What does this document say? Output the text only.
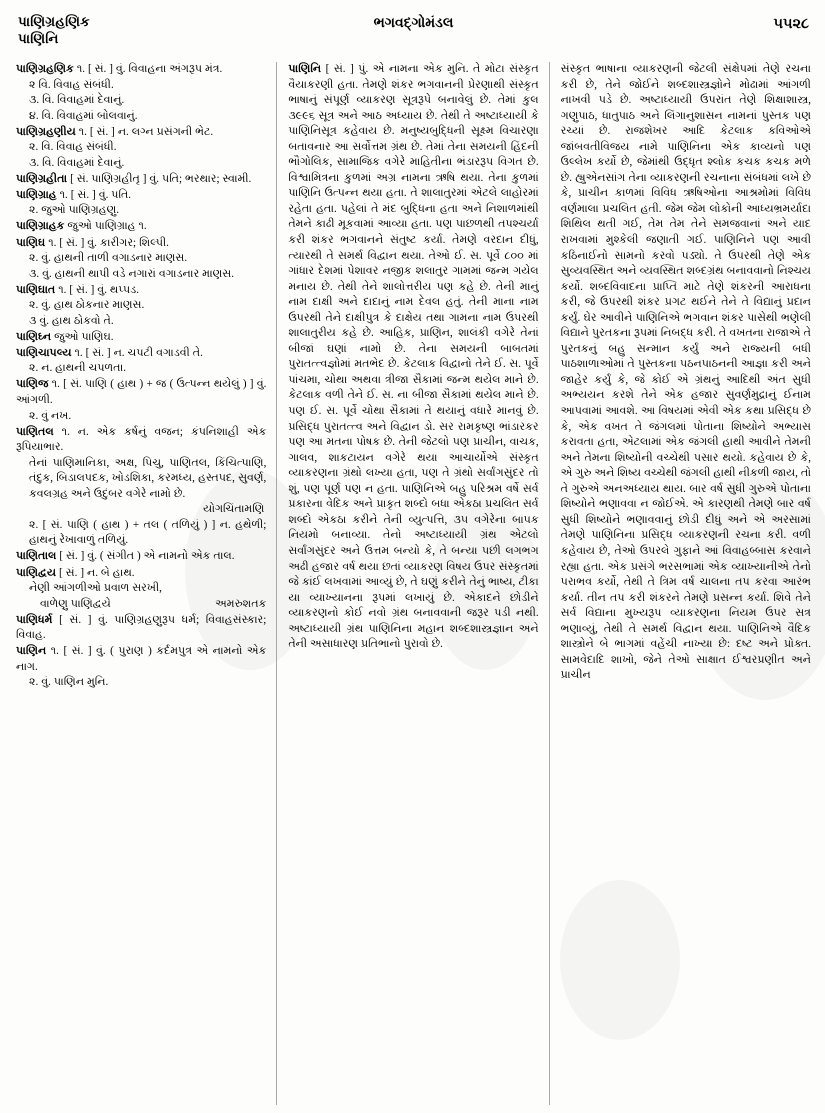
પાણિગ્રહણિક
પાણિનિ
ભગવદ્ગોમંડલ	૫૫૨૮

પાણિગ્રહણિક ૧. [ સં. ] વું. વિવાહના અંગરૂપ મંત્ર.

૨ વિ. વિવાહ સંબંધી.

૩. વિ. વિવાહમાં દેવાનું.

૪. વિ. વિવાહમાં બોલવાનું.

પાણિગ્રહણીય ૧. [ સં. ] ન. લગ્ન પ્રસંગની ભેટ.

૨. વિ. વિવાહ સંબંધી.

૩. વિ. વિવાહમાં દેવાનું.

પાણિગ્રહીતા [ સં. પાણિગ્રહીતૃ ] વું. પતિ; ભરથાર; સ્વામી.

પાણિગ્રાહ ૧. [ સં. ] વું. પતિ.

૨. જુઓ પાણિગ્રહણુ.

પાણિગ્રાહક જુઓ પાણિગ્રાહ ૧.

પાણિઘ ૧. [ સં. ] વું. કારીગર; શિલ્પી.

૨. વું. હાથની તાળી વગાડનાર માણસ.

૩. વું. હાથની થાપી વડે નગારાં વગાડનાર માણસ.

પાણિઘાત ૧. [ સં. ] વું. થપ્પડ.

૨. વું. હાથ ઠોકનાર માણસ.

૩ વું. હાથ ઠોકવો તે.

પાણિઘ્ન જુઓ પાણિઘ.

પાણિચાપલ્ય ૧. [ સં. ] ન. ચપટી વગાડવી તે.

૨. ન. હાથની ચપળતા.

પાણિજ ૧. [ સં. પાણિ ( હાથ ) + જ ( ઉત્પન્ન થયેલું ) ] વું. આંગળી.

૨. વું નખ.

પાણિતલ ૧. ન. એક કર્ષનું વજન; કંપનિશાહી એક રૂપિયાભાર.

તેનાં પાણિમાનિકા, અક્ષ, પિચુ, પાણિતલ, કિંચિત્પાણિ, તંદુક, બિડાલપદક, ખોડશિકા, કરમધ્ય, હસ્તપદ, સુવર્ણ, કવલગ્રહ અને ઉદુંબર વગેરે નામો છે.

યોગચિંતામણિ

૨. [ સં. પાણિ ( હાથ ) + તલ ( તળિયું ) ] ન. હથેળી; હાથનું રેખાવાળું તળિયું.

પાણિતાલ [ સં. ] વું. ( સંગીત ) એ નામનો એક તાલ.

પાણિદ્વય [ સં. ] ન. બે હાથ.

નેણી આંગળીઓ પ્રવાળ સરખી,

વાળેણુ પાણિદ્વયે	અમરુશતક

પાણિધર્મ [ સં. ] વું. પાણિગ્રહણુરૂપ ધર્મ; વિવાહસંસ્કાર; વિવાહ.

પાણિન ૧. [ સં. ] વું. ( પુરાણ ) કર્દમપુત્ર એ નામનો એક નાગ.

૨. વું. પાણિન મુનિ.

પાણિનિ [ સં. ] પું. એ નામના એક મુનિ. તે મોટા સંસ્કૃત વૈયાકરણી હતા. તેમણે શંકર ભગવાનની પ્રેરણાથી સંસ્કૃત ભાષાનું સંપૂર્ણ વ્યાકરણ સૂત્રરૂપે બનાવેલું છે. તેમાં કુલ ૩૯૯૬ સૂત્ર અને આઠ અધ્યાય છે. તેથી તે અષ્ટાધ્યાયી કે પાણિનિસૂત્ર કહેવાય છે. મનુષ્યબુદ્ધિની સૂક્ષ્મ વિચારણા બતાવનાર આ સર્વોત્તમ ગ્રંથ છે. તેમાં તેના સમયની હિંદની ભૌગોલિક, સામાજિક વગેરે માહિતીના ભંડારરૂપ વિગત છે. વિશ્વામિત્રના કુળમાં અગ્ર નામના ઋષિ થયા. તેના કુળમાં પાણિનિ ઉત્પન્ન થયા હતા. તે શાલાતુરમાં એટલે લાહોરમાં રહેતા હતા. પહેલાં તે મંદ બુદ્ધિના હતા અને નિશાળમાંથી તેમને કાઢી મૂકવામાં આવ્યા હતા. પણ પાછળથી તપશ્ચર્યા કરી શંકર ભગવાનને સંતુષ્ટ કર્યા. તેમણે વરદાન દીધું, ત્યારથી તે સમર્થ વિદ્વાન થયા. તેઓ ઈ. સ. પૂર્વે ૮૦૦ માં ગાંધાર દેશમાં પેશાવર નજીક શલાતુર ગામમાં જન્મ ગયેલ મનાય છે. તેથી તેને શાલોત્તરીય પણ કહે છે. તેની માનું નામ દાક્ષી અને દાદાનું નામ દેવલ હતું. તેની માના નામ ઉપરથી તેને દાક્ષીપુત્ર કે દાક્ષેય તથા ગામના નામ ઉપરથી શાલાતુરીય કહે છે. આહિક, પ્રાણિન, શાલંકી વગેરે તેનાં બીજાં ઘણાં નામો છે. તેના સમયની બાબતમાં પુરાતત્ત્વજ્ઞોમાં મતભેદ છે. કેટલાક વિદ્વાનો તેને ઈ. સ. પૂર્વે પાંચમા, ચોથા અથવા ત્રીજા સૈકામાં જન્મ થયેલ માને છે. કેટલાક વળી તેને ઈ. સ. ના બીજા સૈકામાં થયેલ માને છે. પણ ઈ. સ. પૂર્વે ચોથા સૈકામાં તે થયાનું વધારે માનવું છે. પ્રસિદ્ધ પુરાતત્ત્વ અને વિદ્વાન ડો. સર રામકૃષ્ણ ભાંડારકર પણ આ મતના પોષક છે. તેની જેટલો પણ પ્રાચીન, વાચક, ગાલવ, શાકટાયન વગેરે થયા આચાર્યોએ સંસ્કૃત વ્યાકરણના ગ્રંથો લખ્યા હતા, પણ તે ગ્રંથો સર્વાંગસુંદર તો શું, પણ પૂર્ણ પણ ન હતા. પાણિનિએ બહુ પરિશ્રમ વર્ષે સર્વ પ્રકારના વેદિક અને પ્રાકૃત શબ્દો બધા એકઠા પ્રચલિત સર્વ શબ્દો એકઠા કરીને તેની વ્યુત્પત્તિ, ૩૫ વગેરેના બાપક નિયમો બનાવ્યા. તેનો અષ્ટાધ્યાયી ગ્રંથ એટલો સર્વાંગસુંદર અને ઉત્તમ બન્યો કે, તે બન્યા પછી લગભગ અઢી હજાર વર્ષ થયા છતાં વ્યાકરણ વિષય ઉપર સંસ્કૃતમાં જે કાંઈ લખવામાં આવ્યું છે, તે ઘણું કરીને તેનું ભાષ્ય, ટીકા યા વ્યાખ્યાનના રૂપમાં લખાયું છે. એકાદને છોડીને વ્યાકરણનો કોઈ નવો ગ્રંથ બનાવવાની જરૂર પડી નથી. અષ્ટાધ્યાયી ગ્રંથ પાણિનિના મહાન શબ્દશાસ્ત્રજ્ઞાન અને તેની અસાધારણ પ્રતિભાનો પુરાવો છે.

સંસ્કૃત ભાષાના વ્યાકરણની જેટલી સંક્ષેપમાં તેણે રચના કરી છે, તેને જોઈને શબ્દશાસ્ત્રજ્ઞોને મોઢામાં આંગળી નાખવી પડે છે. અષ્ટાધ્યાયી ઉપરાંત તેણે શિક્ષાશાસ્ત્ર, ગણુપાઠ, ધાતુપાઠ અને લિંગાનુશાસન નામનાં પુસ્તક પણ રચ્યાં છે. રાજશેખર આદિ કેટલાક કવિઓએ જાંબવતીવિજય નામે પાણિનિના એક કાવ્યનો પણ ઉલ્લેખ કર્યો છે, જેમાંથી ઉદ્ધૃત શ્લોક કચક કચક મળે છે. હ્યુએનસાંગ તેના વ્યાકરણની રચનાના સંબંધમાં લખે છે કે, પ્રાચીન કાળમાં વિવિધ ઋષિઓના આશ્રમોમાં વિવિધ વર્ણમાલા પ્રચલિત હતી. જેમ જેમ લોકોની આધ્યભ્રમર્યાદા શિથિલ થતી ગઈ, તેમ તેમ તેને સમજવાનાં અને યાદ રાખવામાં મુશ્કેલી જણાતી ગઈ. પાણિનિને પણ આવી કઠિનાઈનો સામનો કરવો પડ્યો. તે ઉપરથી તેણે એક સુવ્યવસ્થિત અને વ્યવસ્થિત શબ્દગ્રંથ બનાવવાનો નિશ્ચય કર્યો. શબ્દવિવાદના પ્રાપ્તિ માટે તેણે શંકરની આરાધના કરી, જે ઉપરથી શંકર પ્રગટ થઈને તેને તે વિદ્યાનું પ્રદાન કર્યું. ઘેર આવીને પાણિનિએ ભગવાન શંકર પાસેથી ભણેલી વિદ્યાને પુરતકના રૂપમાં નિબદ્ધ કરી. તે વખતના રાજાએ તે પુરતકનું બહુ સન્માન કર્યું અને રાજ્યની બધી પાઠશાળાઓમાં તે પુસ્તકના પઠનપાઠનની આજ્ઞા કરી અને જાહેર કર્યું કે, જે કોઈ એ ગ્રંથનું આદિથી અંત સુધી અભ્યયન કરશે તેને એક હજાર સુવર્ણમુદ્રાનું ઈનામ આપવામાં આવશે. આ વિષયમાં એવી એક કથા પ્રસિદ્ધ છે કે, એક વખત તે જંગલમાં પોતાના શિષ્યોને અભ્યાસ કરાવતા હતા, એટલામાં એક જંગલી હાથી આવીને તેમની અને તેમના શિષ્યોની વચ્ચેથી પસાર થયો. કહેવાય છે કે, એ ગુરુ અને શિષ્ય વચ્ચેથી જંગલી હાથી નીકળી જાય, તો તે ગુરુએ અનઅધ્યાય થાય. બાર વર્ષ સુધી ગુરુએ પોતાના શિષ્યોને ભણાવવા ન જોઈએ. એ કારણથી તેમણે બાર વર્ષ સુધી શિષ્યોને ભણાવવાનું છોડી દીધું અને એ અરસામાં તેમણે પાણિનિના પ્રસિદ્ધ વ્યાકરણની રચના કરી. વળી કહેવાય છે, તેઓ ઉપરલે ગુફાને આં વિવાહબ્બાસ કરવાને રહ્યા હતા. એક પ્રસંગે ભરસભામાં એક વ્યાખ્યાનીએ તેનો પરાભવ કર્યો, તેથી તે ત્રિમ વર્ષ ચાલના તપ કરવા આરંભ કર્યા. તીન તપ કરી શંકરને તેમણે પ્રસન્ન કર્યા. શિવે તેને સર્વ વિદ્યાના મુખ્યરૂપ વ્યાકરણના નિયમ ઉપર સત્ર ભણાવ્યું, તેથી તે સમર્થ વિદ્વાન થયા. પાણિનિએ વૈદિક શાસ્ત્રોને બે ભાગમાં વહેંચી નાખ્યા છે: દષ્ટ અને પ્રોક્ત. સામવેદાદિ શાખો, જેને તેઓ સાક્ષાત ઈશ્વરપ્રણીત અને પ્રાચીન
